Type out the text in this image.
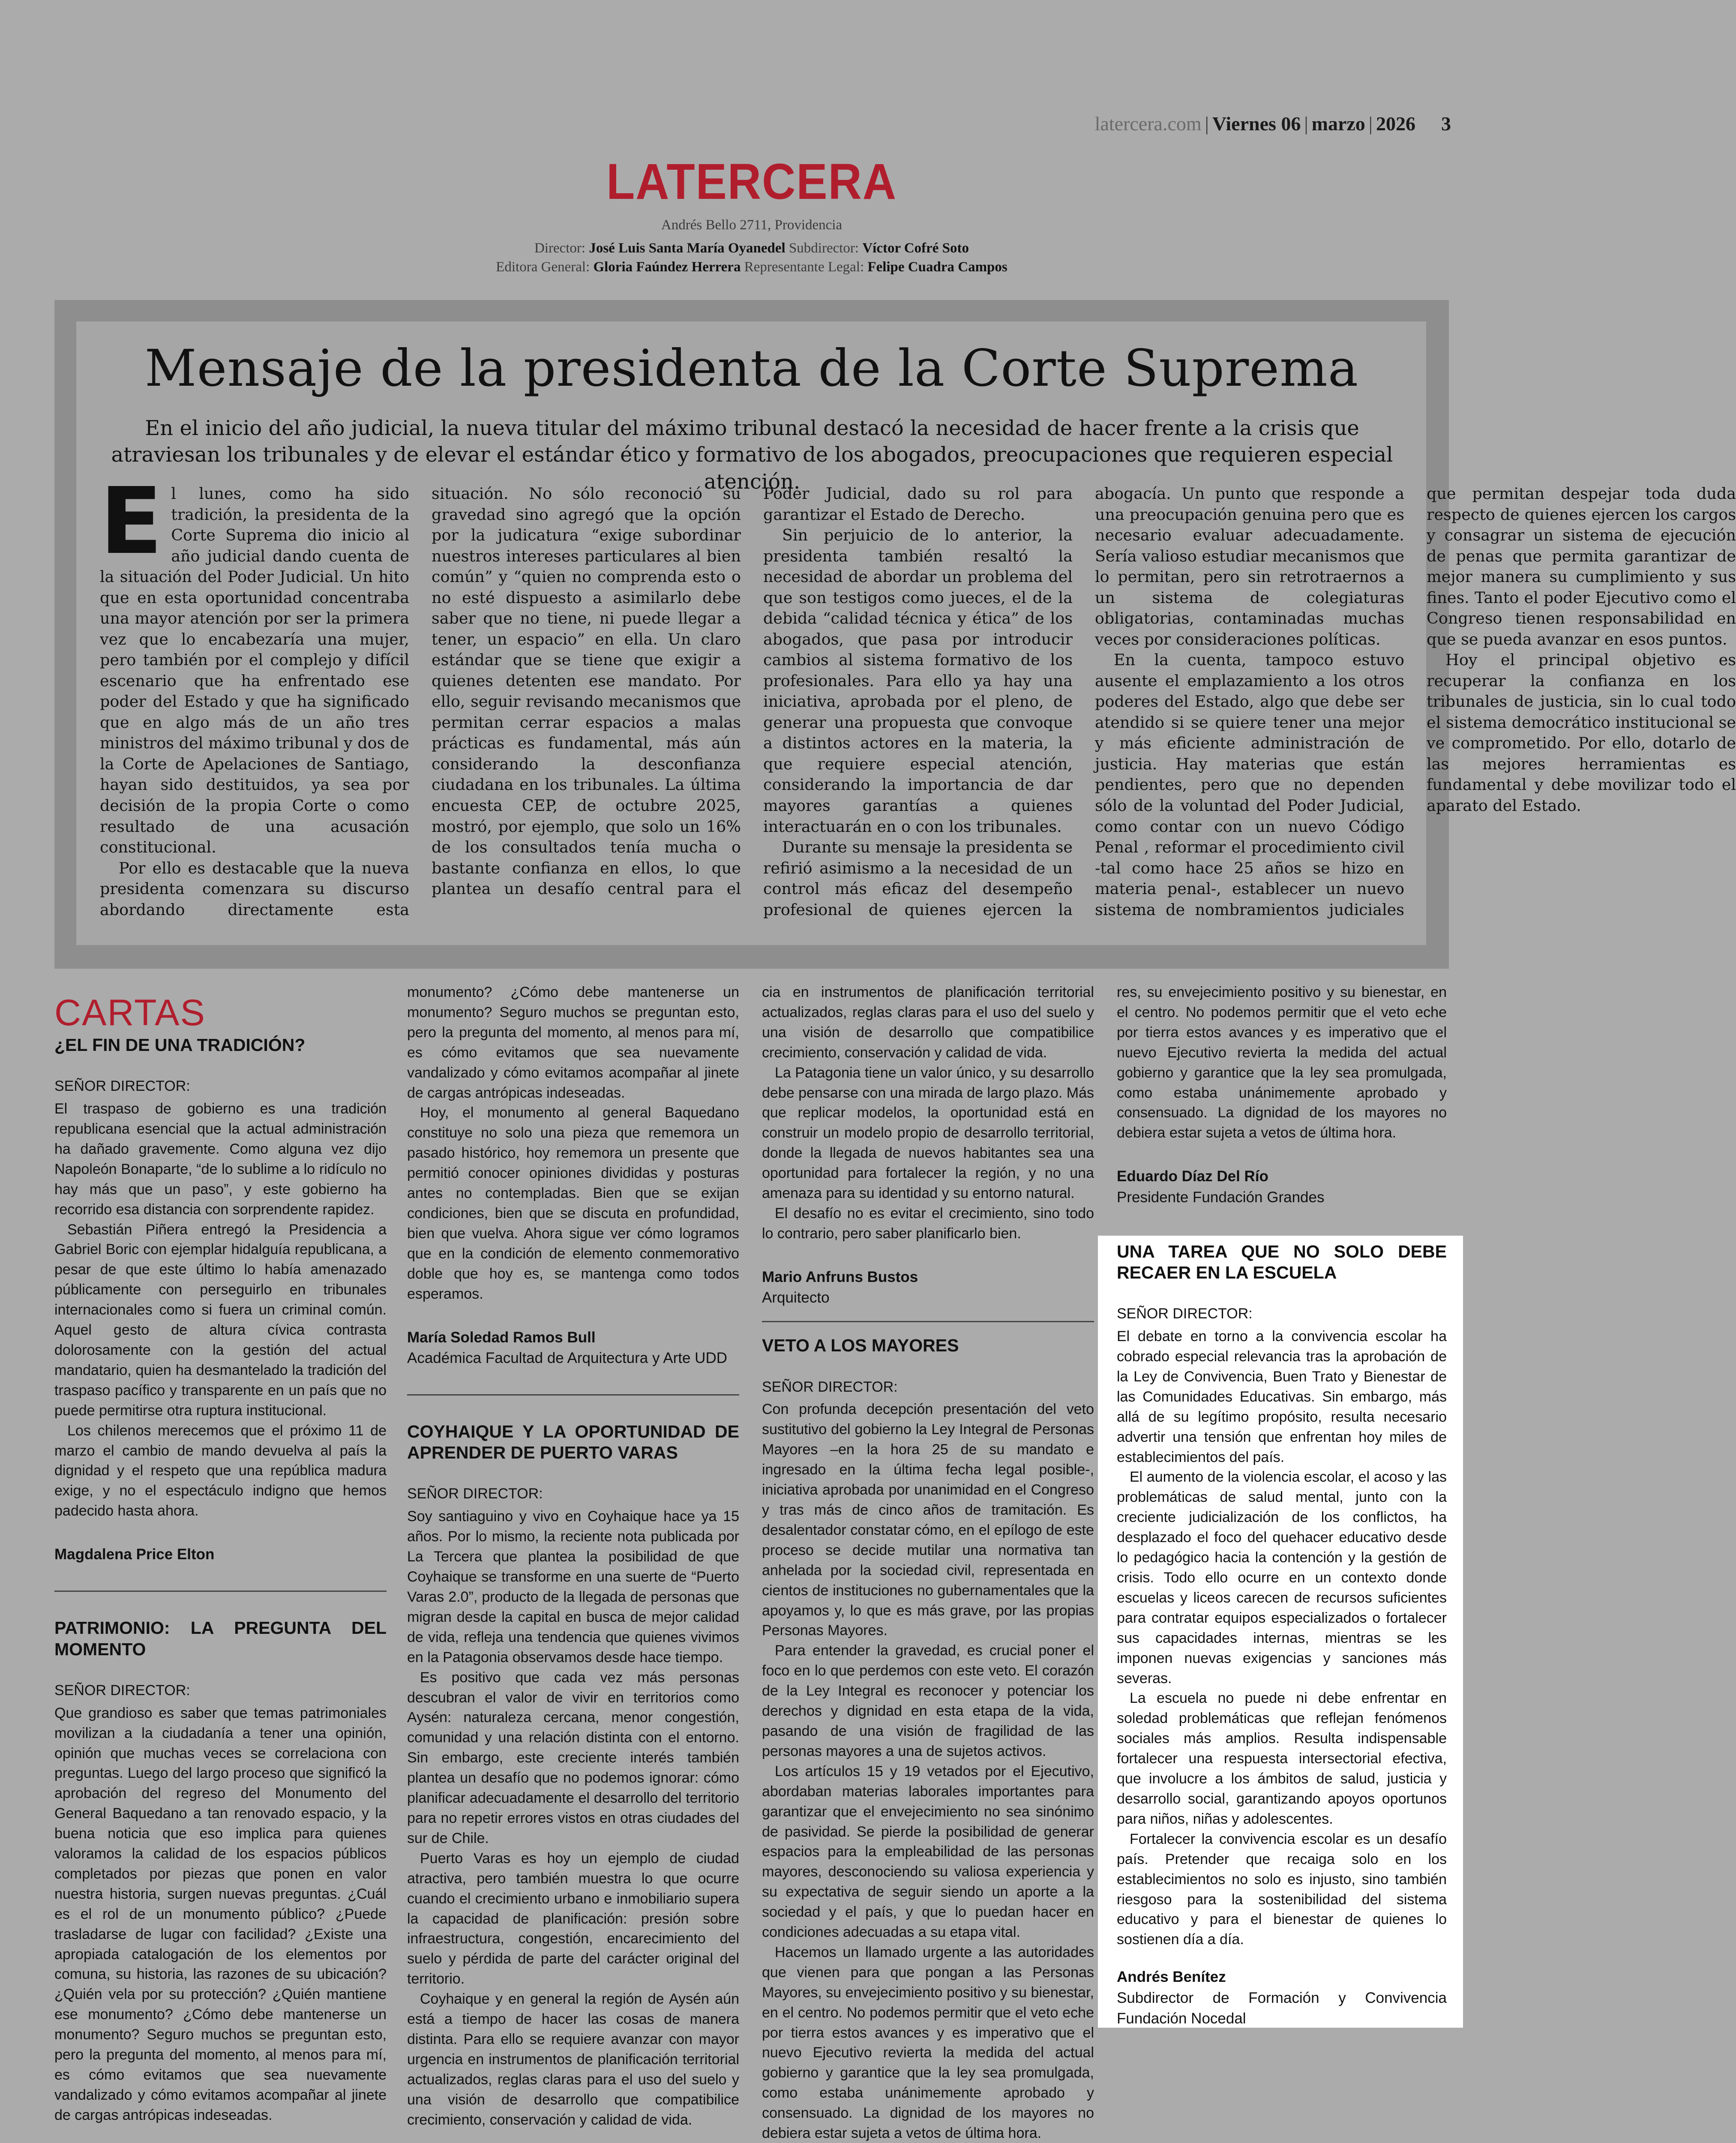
latercera.com | Viernes 06 | marzo | 2026 3
LATERCERA
Andrés Bello 2711, Providencia
Director: José Luis Santa María Oyanedel Subdirector: Víctor Cofré Soto
Editora General: Gloria Faúndez Herrera Representante Legal: Felipe Cuadra Campos
Mensaje de la presidenta de la Corte Suprema
En el inicio del año judicial, la nueva titular del máximo tribunal destacó la necesidad de hacer frente a la crisis que atraviesan los tribunales y de elevar el estándar ético y formativo de los abogados, preocupaciones que requieren especial atención.

El lunes, como ha sido tradición, la presidenta de la Corte Suprema dio inicio al año judicial dando cuenta de la situación del Poder Judicial. Un hito que en esta oportunidad concentraba una mayor atención por ser la primera vez que lo encabezaría una mujer, pero también por el complejo y difícil escenario que ha enfrentado ese poder del Estado y que ha significado que en algo más de un año tres ministros del máximo tribunal y dos de la Corte de Apelaciones de Santiago, hayan sido destituidos, ya sea por decisión de la propia Corte o como resultado de una acusación constitucional.

Por ello es destacable que la nueva presidenta comenzara su discurso abordando directamente esta situación. No sólo reconoció su gravedad sino agregó que la opción por la judicatura “exige subordinar nuestros intereses particulares al bien común” y “quien no comprenda esto o no esté dispuesto a asimilarlo debe saber que no tiene, ni puede llegar a tener, un espacio” en ella. Un claro estándar que se tiene que exigir a quienes detenten ese mandato. Por ello, seguir revisando mecanismos que permitan cerrar espacios a malas prácticas es fundamental, más aún considerando la desconfianza ciudadana en los tribunales. La última encuesta CEP, de octubre 2025, mostró, por ejemplo, que solo un 16% de los consultados tenía mucha o bastante confianza en ellos, lo que plantea un desafío central para el Poder Judicial, dado su rol para garantizar el Estado de Derecho.

Sin perjuicio de lo anterior, la presidenta también resaltó la necesidad de abordar un problema del que son testigos como jueces, el de la debida “calidad técnica y ética” de los abogados, que pasa por introducir cambios al sistema formativo de los profesionales. Para ello ya hay una iniciativa, aprobada por el pleno, de generar una propuesta que convoque a distintos actores en la materia, la que requiere especial atención, considerando la importancia de dar mayores garantías a quienes interactuarán en o con los tribunales.

Durante su mensaje la presidenta se refirió asimismo a la necesidad de un control más eficaz del desempeño profesional de quienes ejercen la abogacía. Un punto que responde a una preocupación genuina pero que es necesario evaluar adecuadamente. Sería valioso estudiar mecanismos que lo permitan, pero sin retrotraernos a un sistema de colegiaturas obligatorias, contaminadas muchas veces por consideraciones políticas.

En la cuenta, tampoco estuvo ausente el emplazamiento a los otros poderes del Estado, algo que debe ser atendido si se quiere tener una mejor y más eficiente administración de justicia. Hay materias que están pendientes, pero que no dependen sólo de la voluntad del Poder Judicial, como contar con un nuevo Código Penal , reformar el procedimiento civil -tal como hace 25 años se hizo en materia penal-, establecer un nuevo sistema de nombramientos judiciales que permitan despejar toda duda respecto de quienes ejercen los cargos y consagrar un sistema de ejecución de penas que permita garantizar de mejor manera su cumplimiento y sus fines. Tanto el poder Ejecutivo como el Congreso tienen responsabilidad en que se pueda avanzar en esos puntos.

Hoy el principal objetivo es recuperar la confianza en los tribunales de justicia, sin lo cual todo el sistema democrático institucional se ve comprometido. Por ello, dotarlo de las mejores herramientas es fundamental y debe movilizar todo el aparato del Estado.

CARTAS
¿EL FIN DE UNA TRADICIÓN?
SEÑOR DIRECTOR:

El traspaso de gobierno es una tradición republicana esencial que la actual administración ha dañado gravemente. Como alguna vez dijo Napoleón Bonaparte, “de lo sublime a lo ridículo no hay más que un paso”, y este gobierno ha recorrido esa distancia con sorprendente rapidez.

Sebastián Piñera entregó la Presidencia a Gabriel Boric con ejemplar hidalguía republicana, a pesar de que este último lo había amenazado públicamente con perseguirlo en tribunales internacionales como si fuera un criminal común. Aquel gesto de altura cívica contrasta dolorosamente con la gestión del actual mandatario, quien ha desmantelado la tradición del traspaso pacífico y transparente en un país que no puede permitirse otra ruptura institucional.

Los chilenos merecemos que el próximo 11 de marzo el cambio de mando devuelva al país la dignidad y el respeto que una república madura exige, y no el espectáculo indigno que hemos padecido hasta ahora.

Magdalena Price Elton
PATRIMONIO: LA PREGUNTA DEL MOMENTO
SEÑOR DIRECTOR:

Que grandioso es saber que temas patrimoniales movilizan a la ciudadanía a tener una opinión, opinión que muchas veces se correlaciona con preguntas. Luego del largo proceso que significó la aprobación del regreso del Monumento del General Baquedano a tan renovado espacio, y la buena noticia que eso implica para quienes valoramos la calidad de los espacios públicos completados por piezas que ponen en valor nuestra historia, surgen nuevas preguntas. ¿Cuál es el rol de un monumento público? ¿Puede trasladarse de lugar con facilidad? ¿Existe una apropiada catalogación de los elementos por comuna, su historia, las razones de su ubicación? ¿Quién vela por su protección? ¿Quién mantiene ese monumento? ¿Cómo debe mantenerse un monumento? Seguro muchos se preguntan esto, pero la pregunta del momento, al menos para mí, es cómo evitamos que sea nuevamente vandalizado y cómo evitamos acompañar al jinete de cargas antrópicas indeseadas.

monumento? ¿Cómo debe mantenerse un monumento? Seguro muchos se preguntan esto, pero la pregunta del momento, al menos para mí, es cómo evitamos que sea nuevamente vandalizado y cómo evitamos acompañar al jinete de cargas antrópicas indeseadas.

Hoy, el monumento al general Baquedano constituye no solo una pieza que rememora un pasado histórico, hoy rememora un presente que permitió conocer opiniones divididas y posturas antes no contempladas. Bien que se exijan condiciones, bien que se discuta en profundidad, bien que vuelva. Ahora sigue ver cómo logramos que en la condición de elemento conmemorativo doble que hoy es, se mantenga como todos esperamos.

María Soledad Ramos Bull
Académica Facultad de Arquitectura y Arte UDD
COYHAIQUE Y LA OPORTUNIDAD DE APRENDER DE PUERTO VARAS
SEÑOR DIRECTOR:

Soy santiaguino y vivo en Coyhaique hace ya 15 años. Por lo mismo, la reciente nota publicada por La Tercera que plantea la posibilidad de que Coyhaique se transforme en una suerte de “Puerto Varas 2.0”, producto de la llegada de personas que migran desde la capital en busca de mejor calidad de vida, refleja una tendencia que quienes vivimos en la Patagonia observamos desde hace tiempo.

Es positivo que cada vez más personas descubran el valor de vivir en territorios como Aysén: naturaleza cercana, menor congestión, comunidad y una relación distinta con el entorno. Sin embargo, este creciente interés también plantea un desafío que no podemos ignorar: cómo planificar adecuadamente el desarrollo del territorio para no repetir errores vistos en otras ciudades del sur de Chile.

Puerto Varas es hoy un ejemplo de ciudad atractiva, pero también muestra lo que ocurre cuando el crecimiento urbano e inmobiliario supera la capacidad de planificación: presión sobre infraestructura, congestión, encarecimiento del suelo y pérdida de parte del carácter original del territorio.

Coyhaique y en general la región de Aysén aún está a tiempo de hacer las cosas de manera distinta. Para ello se requiere avanzar con mayor urgencia en instrumentos de planificación territorial actualizados, reglas claras para el uso del suelo y una visión de desarrollo que compatibilice crecimiento, conservación y calidad de vida.

cia en instrumentos de planificación territorial actualizados, reglas claras para el uso del suelo y una visión de desarrollo que compatibilice crecimiento, conservación y calidad de vida.

La Patagonia tiene un valor único, y su desarrollo debe pensarse con una mirada de largo plazo. Más que replicar modelos, la oportunidad está en construir un modelo propio de desarrollo territorial, donde la llegada de nuevos habitantes sea una oportunidad para fortalecer la región, y no una amenaza para su identidad y su entorno natural.

El desafío no es evitar el crecimiento, sino todo lo contrario, pero saber planificarlo bien.

Mario Anfruns Bustos
Arquitecto
VETO A LOS MAYORES
SEÑOR DIRECTOR:

Con profunda decepción presentación del veto sustitutivo del gobierno la Ley Integral de Personas Mayores –en la hora 25 de su mandato e ingresado en la última fecha legal posible-, iniciativa aprobada por unanimidad en el Congreso y tras más de cinco años de tramitación. Es desalentador constatar cómo, en el epílogo de este proceso se decide mutilar una normativa tan anhelada por la sociedad civil, representada en cientos de instituciones no gubernamentales que la apoyamos y, lo que es más grave, por las propias Personas Mayores.

Para entender la gravedad, es crucial poner el foco en lo que perdemos con este veto. El corazón de la Ley Integral es reconocer y potenciar los derechos y dignidad en esta etapa de la vida, pasando de una visión de fragilidad de las personas mayores a una de sujetos activos.

Los artículos 15 y 19 vetados por el Ejecutivo, abordaban materias laborales importantes para garantizar que el envejecimiento no sea sinónimo de pasividad. Se pierde la posibilidad de generar espacios para la empleabilidad de las personas mayores, desconociendo su valiosa experiencia y su expectativa de seguir siendo un aporte a la sociedad y el país, y que lo puedan hacer en condiciones adecuadas a su etapa vital.

Hacemos un llamado urgente a las autoridades que vienen para que pongan a las Personas Mayores, su envejecimiento positivo y su bienestar, en el centro. No podemos permitir que el veto eche por tierra estos avances y es imperativo que el nuevo Ejecutivo revierta la medida del actual gobierno y garantice que la ley sea promulgada, como estaba unánimemente aprobado y consensuado. La dignidad de los mayores no debiera estar sujeta a vetos de última hora.

res, su envejecimiento positivo y su bienestar, en el centro. No podemos permitir que el veto eche por tierra estos avances y es imperativo que el nuevo Ejecutivo revierta la medida del actual gobierno y garantice que la ley sea promulgada, como estaba unánimemente aprobado y consensuado. La dignidad de los mayores no debiera estar sujeta a vetos de última hora.

Eduardo Díaz Del Río
Presidente Fundación Grandes
UNA TAREA QUE NO SOLO DEBE RECAER EN LA ESCUELA
SEÑOR DIRECTOR:

El debate en torno a la convivencia escolar ha cobrado especial relevancia tras la aprobación de la Ley de Convivencia, Buen Trato y Bienestar de las Comunidades Educativas. Sin embargo, más allá de su legítimo propósito, resulta necesario advertir una tensión que enfrentan hoy miles de establecimientos del país.

El aumento de la violencia escolar, el acoso y las problemáticas de salud mental, junto con la creciente judicialización de los conflictos, ha desplazado el foco del quehacer educativo desde lo pedagógico hacia la contención y la gestión de crisis. Todo ello ocurre en un contexto donde escuelas y liceos carecen de recursos suficientes para contratar equipos especializados o fortalecer sus capacidades internas, mientras se les imponen nuevas exigencias y sanciones más severas.

La escuela no puede ni debe enfrentar en soledad problemáticas que reflejan fenómenos sociales más amplios. Resulta indispensable fortalecer una respuesta intersectorial efectiva, que involucre a los ámbitos de salud, justicia y desarrollo social, garantizando apoyos oportunos para niños, niñas y adolescentes.

Fortalecer la convivencia escolar es un desafío país. Pretender que recaiga solo en los establecimientos no solo es injusto, sino también riesgoso para la sostenibilidad del sistema educativo y para el bienestar de quienes lo sostienen día a día.

Andrés Benítez
Subdirector de Formación y Convivencia Fundación Nocedal
